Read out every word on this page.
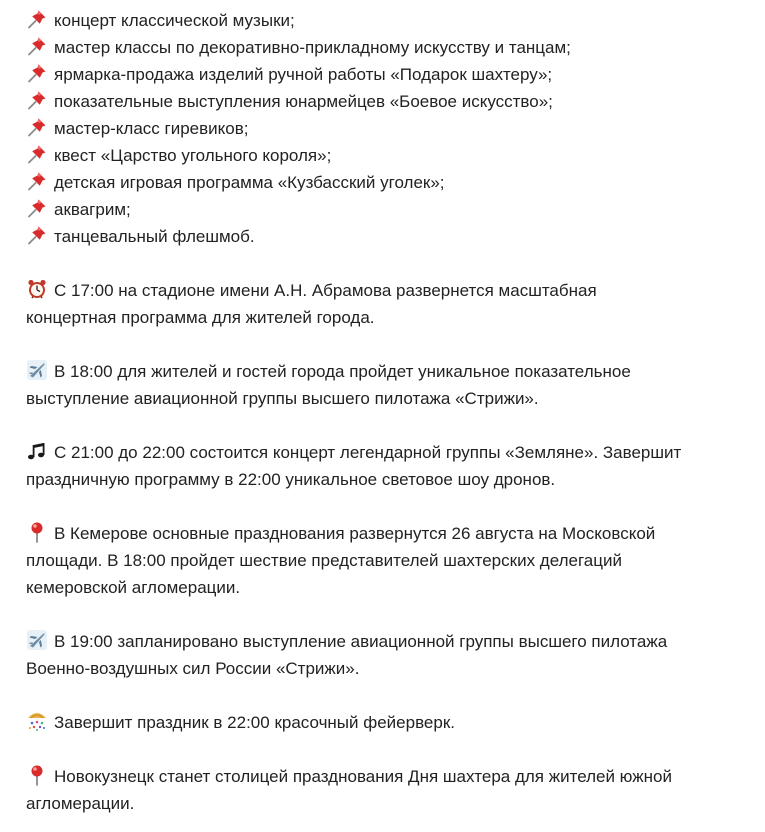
концерт классической музыки;
мастер классы по декоративно-прикладному искусству и танцам;
ярмарка-продажа изделий ручной работы «Подарок шахтеру»;
показательные выступления юнармейцев «Боевое искусство»;
мастер-класс гиревиков;
квест «Царство угольного короля»;
детская игровая программа «Кузбасский уголек»;
аквагрим;
танцевальный флешмоб.
С 17:00 на стадионе имени А.Н. Абрамова развернется масштабная
концертная программа для жителей города.
В 18:00 для жителей и гостей города пройдет уникальное показательное
выступление авиационной группы высшего пилотажа «Стрижи».
С 21:00 до 22:00 состоится концерт легендарной группы «Земляне». Завершит
праздничную программу в 22:00 уникальное световое шоу дронов.
В Кемерове основные празднования развернутся 26 августа на Московской
площади. В 18:00 пройдет шествие представителей шахтерских делегаций
кемеровской агломерации.
В 19:00 запланировано выступление авиационной группы высшего пилотажа
Военно-воздушных сил России «Стрижи».
Завершит праздник в 22:00 красочный фейерверк.
Новокузнецк станет столицей празднования Дня шахтера для жителей южной
агломерации.
